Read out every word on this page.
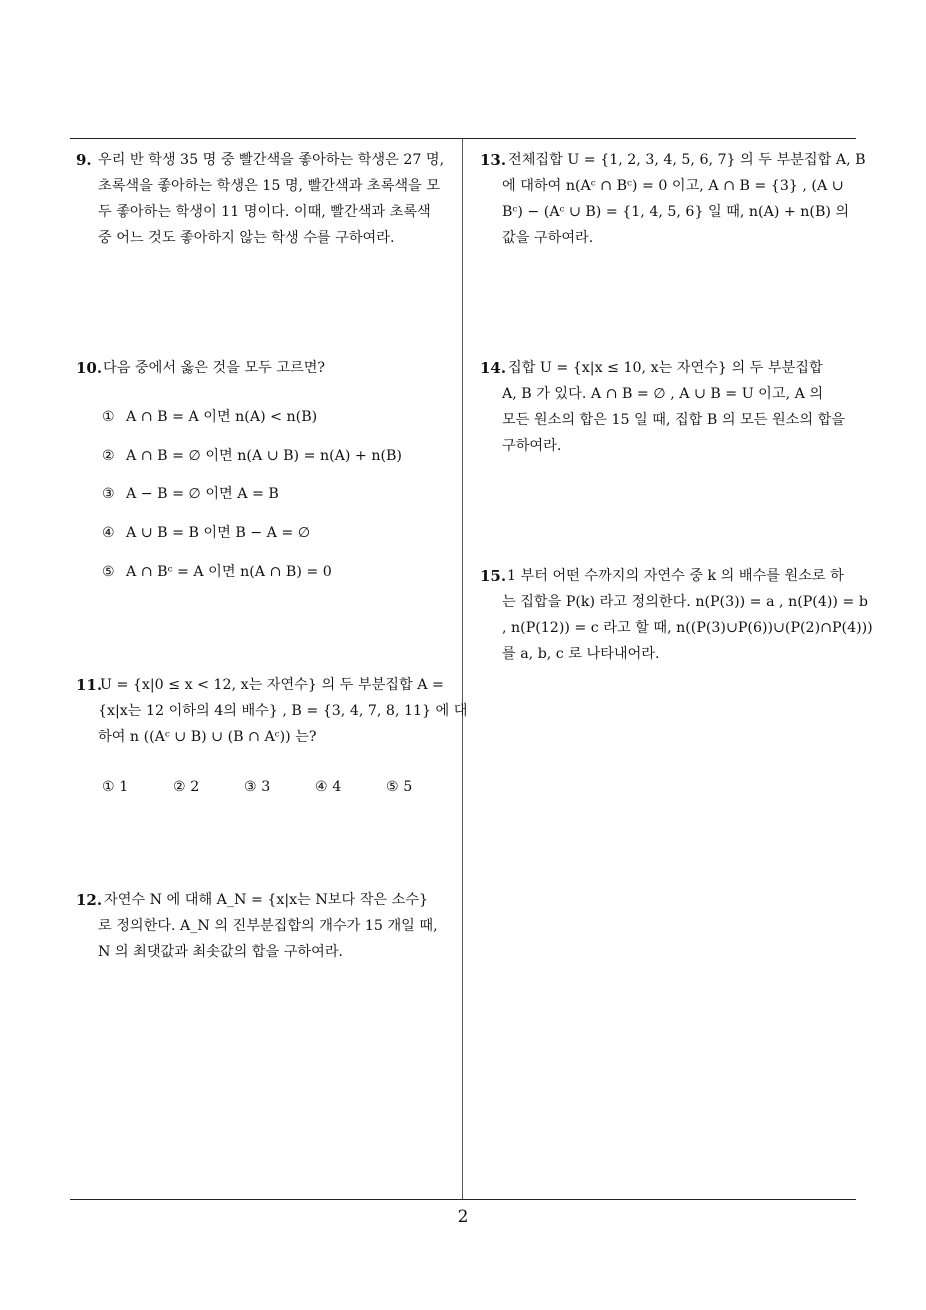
9. 우리 반 학생 35 명 중 빨간색을 좋아하는 학생은 27 명,
초록색을 좋아하는 학생은 15 명, 빨간색과 초록색을 모
두 좋아하는 학생이 11 명이다. 이때, 빨간색과 초록색
중 어느 것도 좋아하지 않는 학생 수를 구하여라.
10. 다음 중에서 옳은 것을 모두 고르면?
① A ∩ B = A 이면 n(A) < n(B)
② A ∩ B = ∅ 이면 n(A ∪ B) = n(A) + n(B)
③ A − B = ∅ 이면 A = B
④ A ∪ B = B 이면 B − A = ∅
⑤ A ∩ Bᶜ = A 이면 n(A ∩ B) = 0
11.
U = {x|0 ≤ x < 12, x는 자연수} 의 두 부분집합 A =
{x|x는 12 이하의 4의 배수} , B = {3, 4, 7, 8, 11} 에 대
하여 n ((Aᶜ ∪ B) ∪ (B ∩ Aᶜ)) 는?
① 1	② 2	③ 3	④ 4	⑤ 5
12. 자연수 N 에 대해 A_N = {x|x는 N보다 작은 소수}
로 정의한다. A_N 의 진부분집합의 개수가 15 개일 때,
N 의 최댓값과 최솟값의 합을 구하여라.
13. 전체집합 U = {1, 2, 3, 4, 5, 6, 7} 의 두 부분집합 A, B
에 대하여 n(Aᶜ ∩ Bᶜ) = 0 이고, A ∩ B = {3} , (A ∪
Bᶜ) − (Aᶜ ∪ B) = {1, 4, 5, 6} 일 때, n(A) + n(B) 의
값을 구하여라.
14. 집합 U = {x|x ≤ 10, x는 자연수} 의 두 부분집합
A, B 가 있다. A ∩ B = ∅ , A ∪ B = U 이고, A 의
모든 원소의 합은 15 일 때, 집합 B 의 모든 원소의 합을
구하여라.
15. 1 부터 어떤 수까지의 자연수 중 k 의 배수를 원소로 하
는 집합을 P(k) 라고 정의한다. n(P(3)) = a , n(P(4)) = b
, n(P(12)) = c 라고 할 때, n((P(3)∪P(6))∪(P(2)∩P(4)))
를 a, b, c 로 나타내어라.
2
